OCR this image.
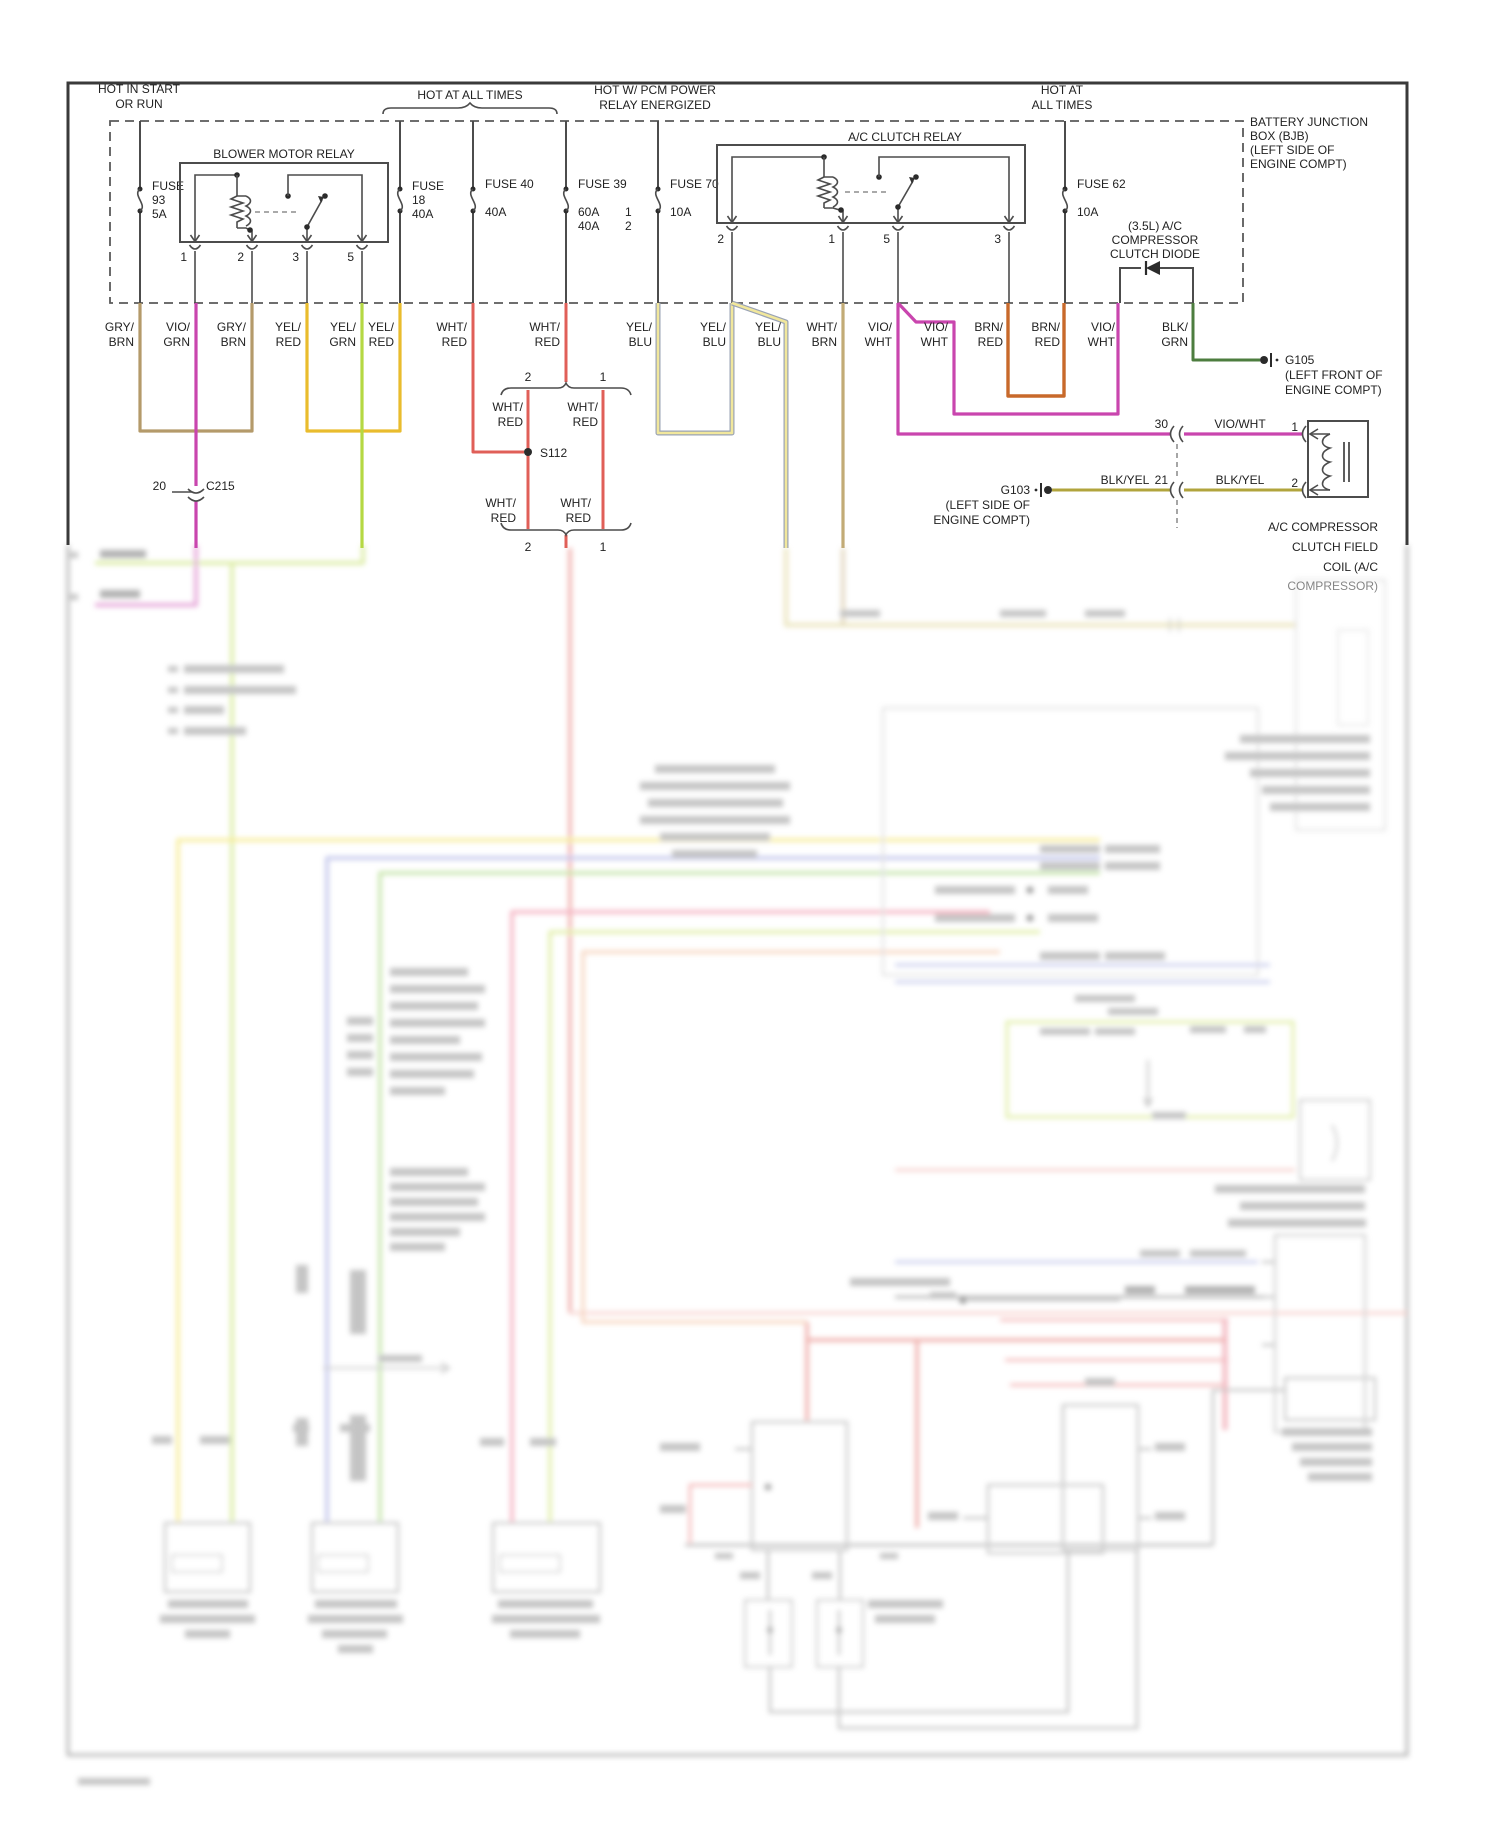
HOT IN START
OR RUN
HOT AT ALL TIMES	HOT W/ PCM POWER
RELAY ENERGIZED
HOT AT
ALL TIMES
BATTERY JUNCTION
BOX (BJB)
(LEFT SIDE OF
ENGINE COMPT)
FUSE
93
5A
FUSE
18
40A
FUSE 40
40A
FUSE 39
60A 1
40A 2
FUSE 70
10A
FUSE 62
10A
BLOWER MOTOR RELAY
A/C CLUTCH RELAY
1	2	3	5
2	1	5	3
(3.5L) A/C
COMPRESSOR
CLUTCH DIODE
GRY/
BRN
VIO/
GRN
GRY/
BRN
YEL/
RED
YEL/
GRN
YEL/
RED
WHT/
RED
WHT/
RED
YEL/
BLU
YEL/
BLU
YEL/
BLU
WHT/
BRN
VIO/
WHT
VIO/
WHT
BRN/
RED
BRN/
RED
VIO/
WHT
BLK/
GRN
2	1
WHT/
RED
WHT/
RED
S112
WHT/
RED
WHT/
RED
2	1
20	C215
G105
(LEFT FRONT OF
ENGINE COMPT)
G103
(LEFT SIDE OF
ENGINE COMPT)
30	VIO/WHT
BLK/YEL 21	BLK/YEL
1
2
A/C COMPRESSOR
CLUTCH FIELD
COIL (A/C
COMPRESSOR)
